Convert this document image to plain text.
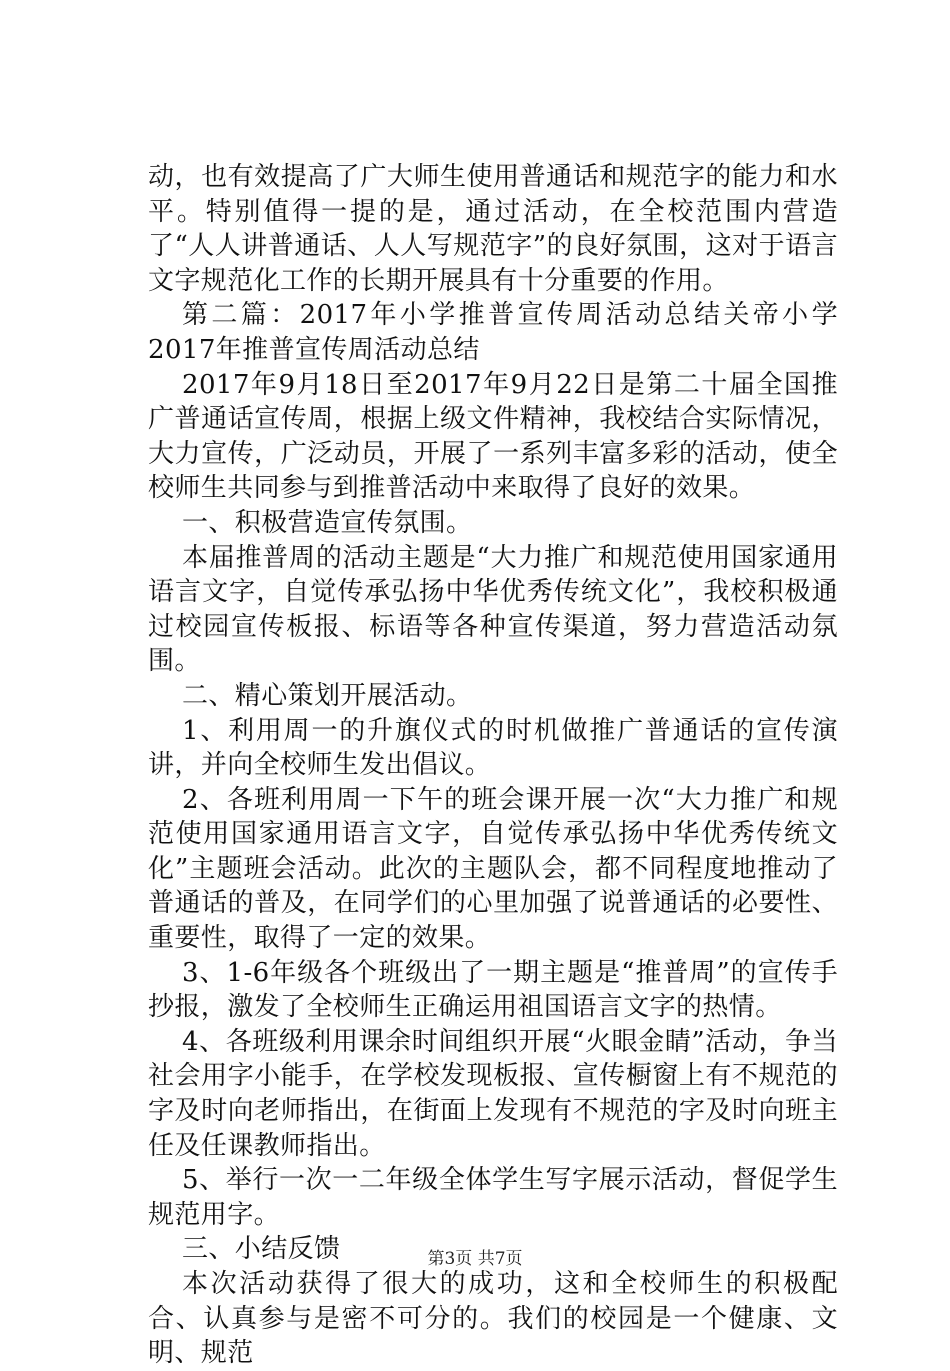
动，也有效提高了广大师生使用普通话和规范字的能力和水平。特别值得一提的是，通过活动，在全校范围内营造了“人人讲普通话、人人写规范字”的良好氛围，这对于语言文字规范化工作的长期开展具有十分重要的作用。

第二篇：2017年小学推普宣传周活动总结关帝小学2017年推普宣传周活动总结

2017年9月18日至2017年9月22日是第二十届全国推广普通话宣传周，根据上级文件精神，我校结合实际情况，大力宣传，广泛动员，开展了一系列丰富多彩的活动，使全校师生共同参与到推普活动中来取得了良好的效果。

一、积极营造宣传氛围。

本届推普周的活动主题是“大力推广和规范使用国家通用语言文字，自觉传承弘扬中华优秀传统文化”，我校积极通过校园宣传板报、标语等各种宣传渠道，努力营造活动氛围。

二、精心策划开展活动。

1、利用周一的升旗仪式的时机做推广普通话的宣传演讲，并向全校师生发出倡议。

2、各班利用周一下午的班会课开展一次“大力推广和规范使用国家通用语言文字，自觉传承弘扬中华优秀传统文化”主题班会活动。此次的主题队会，都不同程度地推动了普通话的普及，在同学们的心里加强了说普通话的必要性、重要性，取得了一定的效果。

3、1-6年级各个班级出了一期主题是“推普周”的宣传手抄报，激发了全校师生正确运用祖国语言文字的热情。

4、各班级利用课余时间组织开展“火眼金睛”活动，争当社会用字小能手，在学校发现板报、宣传橱窗上有不规范的字及时向老师指出，在街面上发现有不规范的字及时向班主任及任课教师指出。

5、举行一次一二年级全体学生写字展示活动，督促学生规范用字。

三、小结反馈

本次活动获得了很大的成功，这和全校师生的积极配合、认真参与是密不可分的。我们的校园是一个健康、文明、规范

第3页 共7页
